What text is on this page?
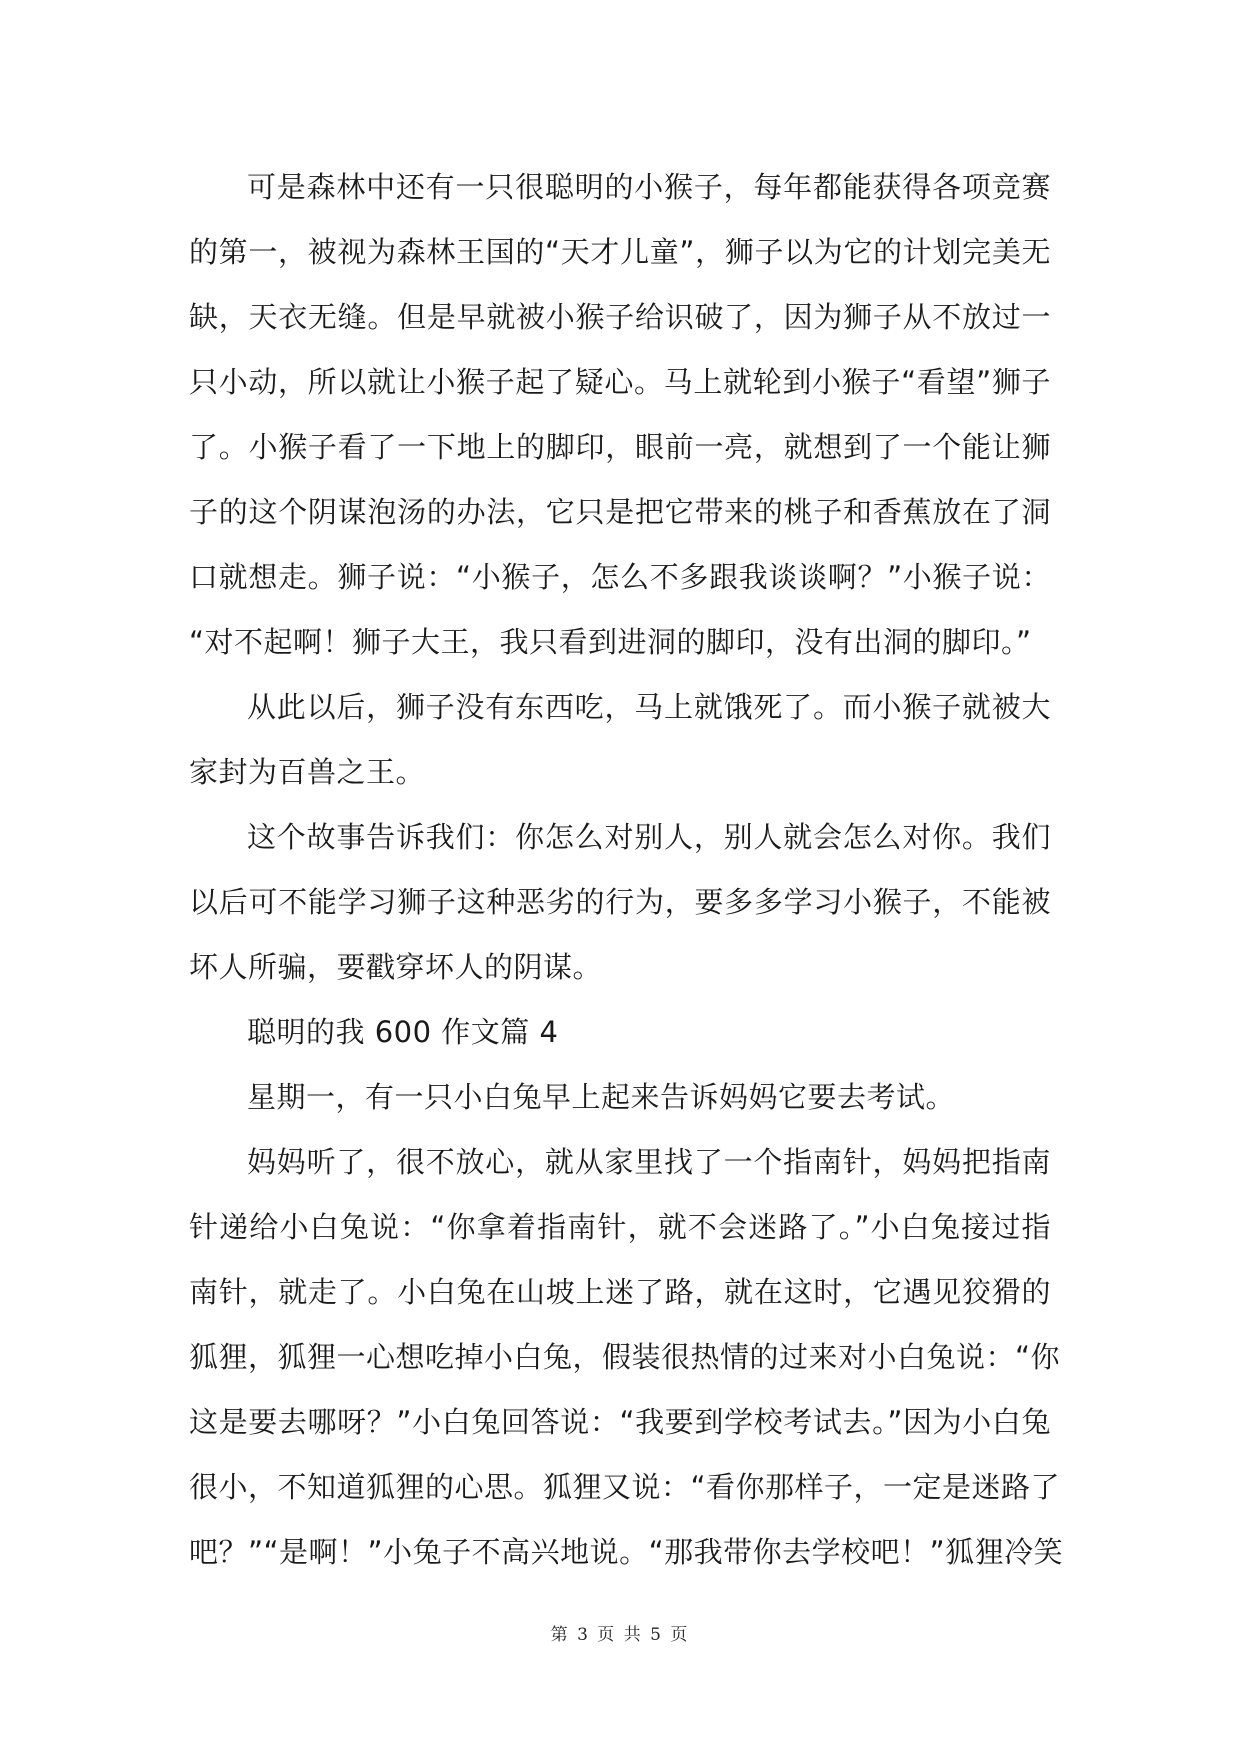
可是森林中还有一只很聪明的小猴子，每年都能获得各项竞赛
的第一，被视为森林王国的“天才儿童”，狮子以为它的计划完美无
缺，天衣无缝。但是早就被小猴子给识破了，因为狮子从不放过一
只小动，所以就让小猴子起了疑心。马上就轮到小猴子“看望”狮子
了。小猴子看了一下地上的脚印，眼前一亮，就想到了一个能让狮
子的这个阴谋泡汤的办法，它只是把它带来的桃子和香蕉放在了洞
口就想走。狮子说：“小猴子，怎么不多跟我谈谈啊？”小猴子说：
“对不起啊！狮子大王，我只看到进洞的脚印，没有出洞的脚印。”
从此以后，狮子没有东西吃，马上就饿死了。而小猴子就被大
家封为百兽之王。
这个故事告诉我们：你怎么对别人，别人就会怎么对你。我们
以后可不能学习狮子这种恶劣的行为，要多多学习小猴子，不能被
坏人所骗，要戳穿坏人的阴谋。
聪明的我 600 作文篇 4
星期一，有一只小白兔早上起来告诉妈妈它要去考试。
妈妈听了，很不放心，就从家里找了一个指南针，妈妈把指南
针递给小白兔说：“你拿着指南针，就不会迷路了。”小白兔接过指
南针，就走了。小白兔在山坡上迷了路，就在这时，它遇见狡猾的
狐狸，狐狸一心想吃掉小白兔，假装很热情的过来对小白兔说：“你
这是要去哪呀？”小白兔回答说：“我要到学校考试去。”因为小白兔
很小，不知道狐狸的心思。狐狸又说：“看你那样子，一定是迷路了
吧？”“是啊！”小兔子不高兴地说。“那我带你去学校吧！”狐狸冷笑
第 3 页 共 5 页
